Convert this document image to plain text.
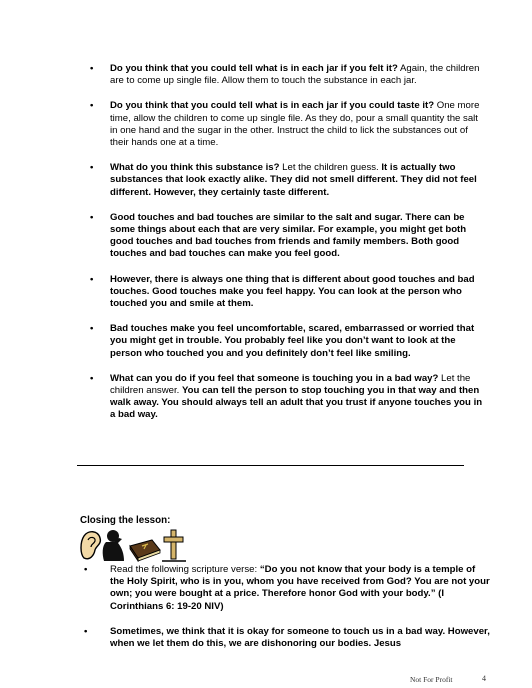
• Do you think that you could tell what is in each jar if you felt it? Again, the children are to come up single file. Allow them to touch the substance in each jar.
• Do you think that you could tell what is in each jar if you could taste it? One more time, allow the children to come up single file. As they do, pour a small quantity the salt in one hand and the sugar in the other. Instruct the child to lick the substances out of their hands one at a time.
• What do you think this substance is? Let the children guess. It is actually two substances that look exactly alike. They did not smell different. They did not feel different. However, they certainly taste different.
• Good touches and bad touches are similar to the salt and sugar. There can be some things about each that are very similar. For example, you might get both good touches and bad touches from friends and family members. Both good touches and bad touches can make you feel good.
• However, there is always one thing that is different about good touches and bad touches. Good touches make you feel happy. You can look at the person who touched you and smile at them.
• Bad touches make you feel uncomfortable, scared, embarrassed or worried that you might get in trouble. You probably feel like you don’t want to look at the person who touched you and you definitely don’t feel like smiling.
• What can you do if you feel that someone is touching you in a bad way? Let the children answer. You can tell the person to stop touching you in that way and then walk away. You should always tell an adult that you trust if anyone touches you in a bad way.
Closing the lesson:
• Read the following scripture verse: “Do you not know that your body is a temple of the Holy Spirit, who is in you, whom you have received from God? You are not your own; you were bought at a price. Therefore honor God with your body.” (I Corinthians 6: 19-20 NIV)
• Sometimes, we think that it is okay for someone to touch us in a bad way. However, when we let them do this, we are dishonoring our bodies. Jesus
Not For Profit	4
